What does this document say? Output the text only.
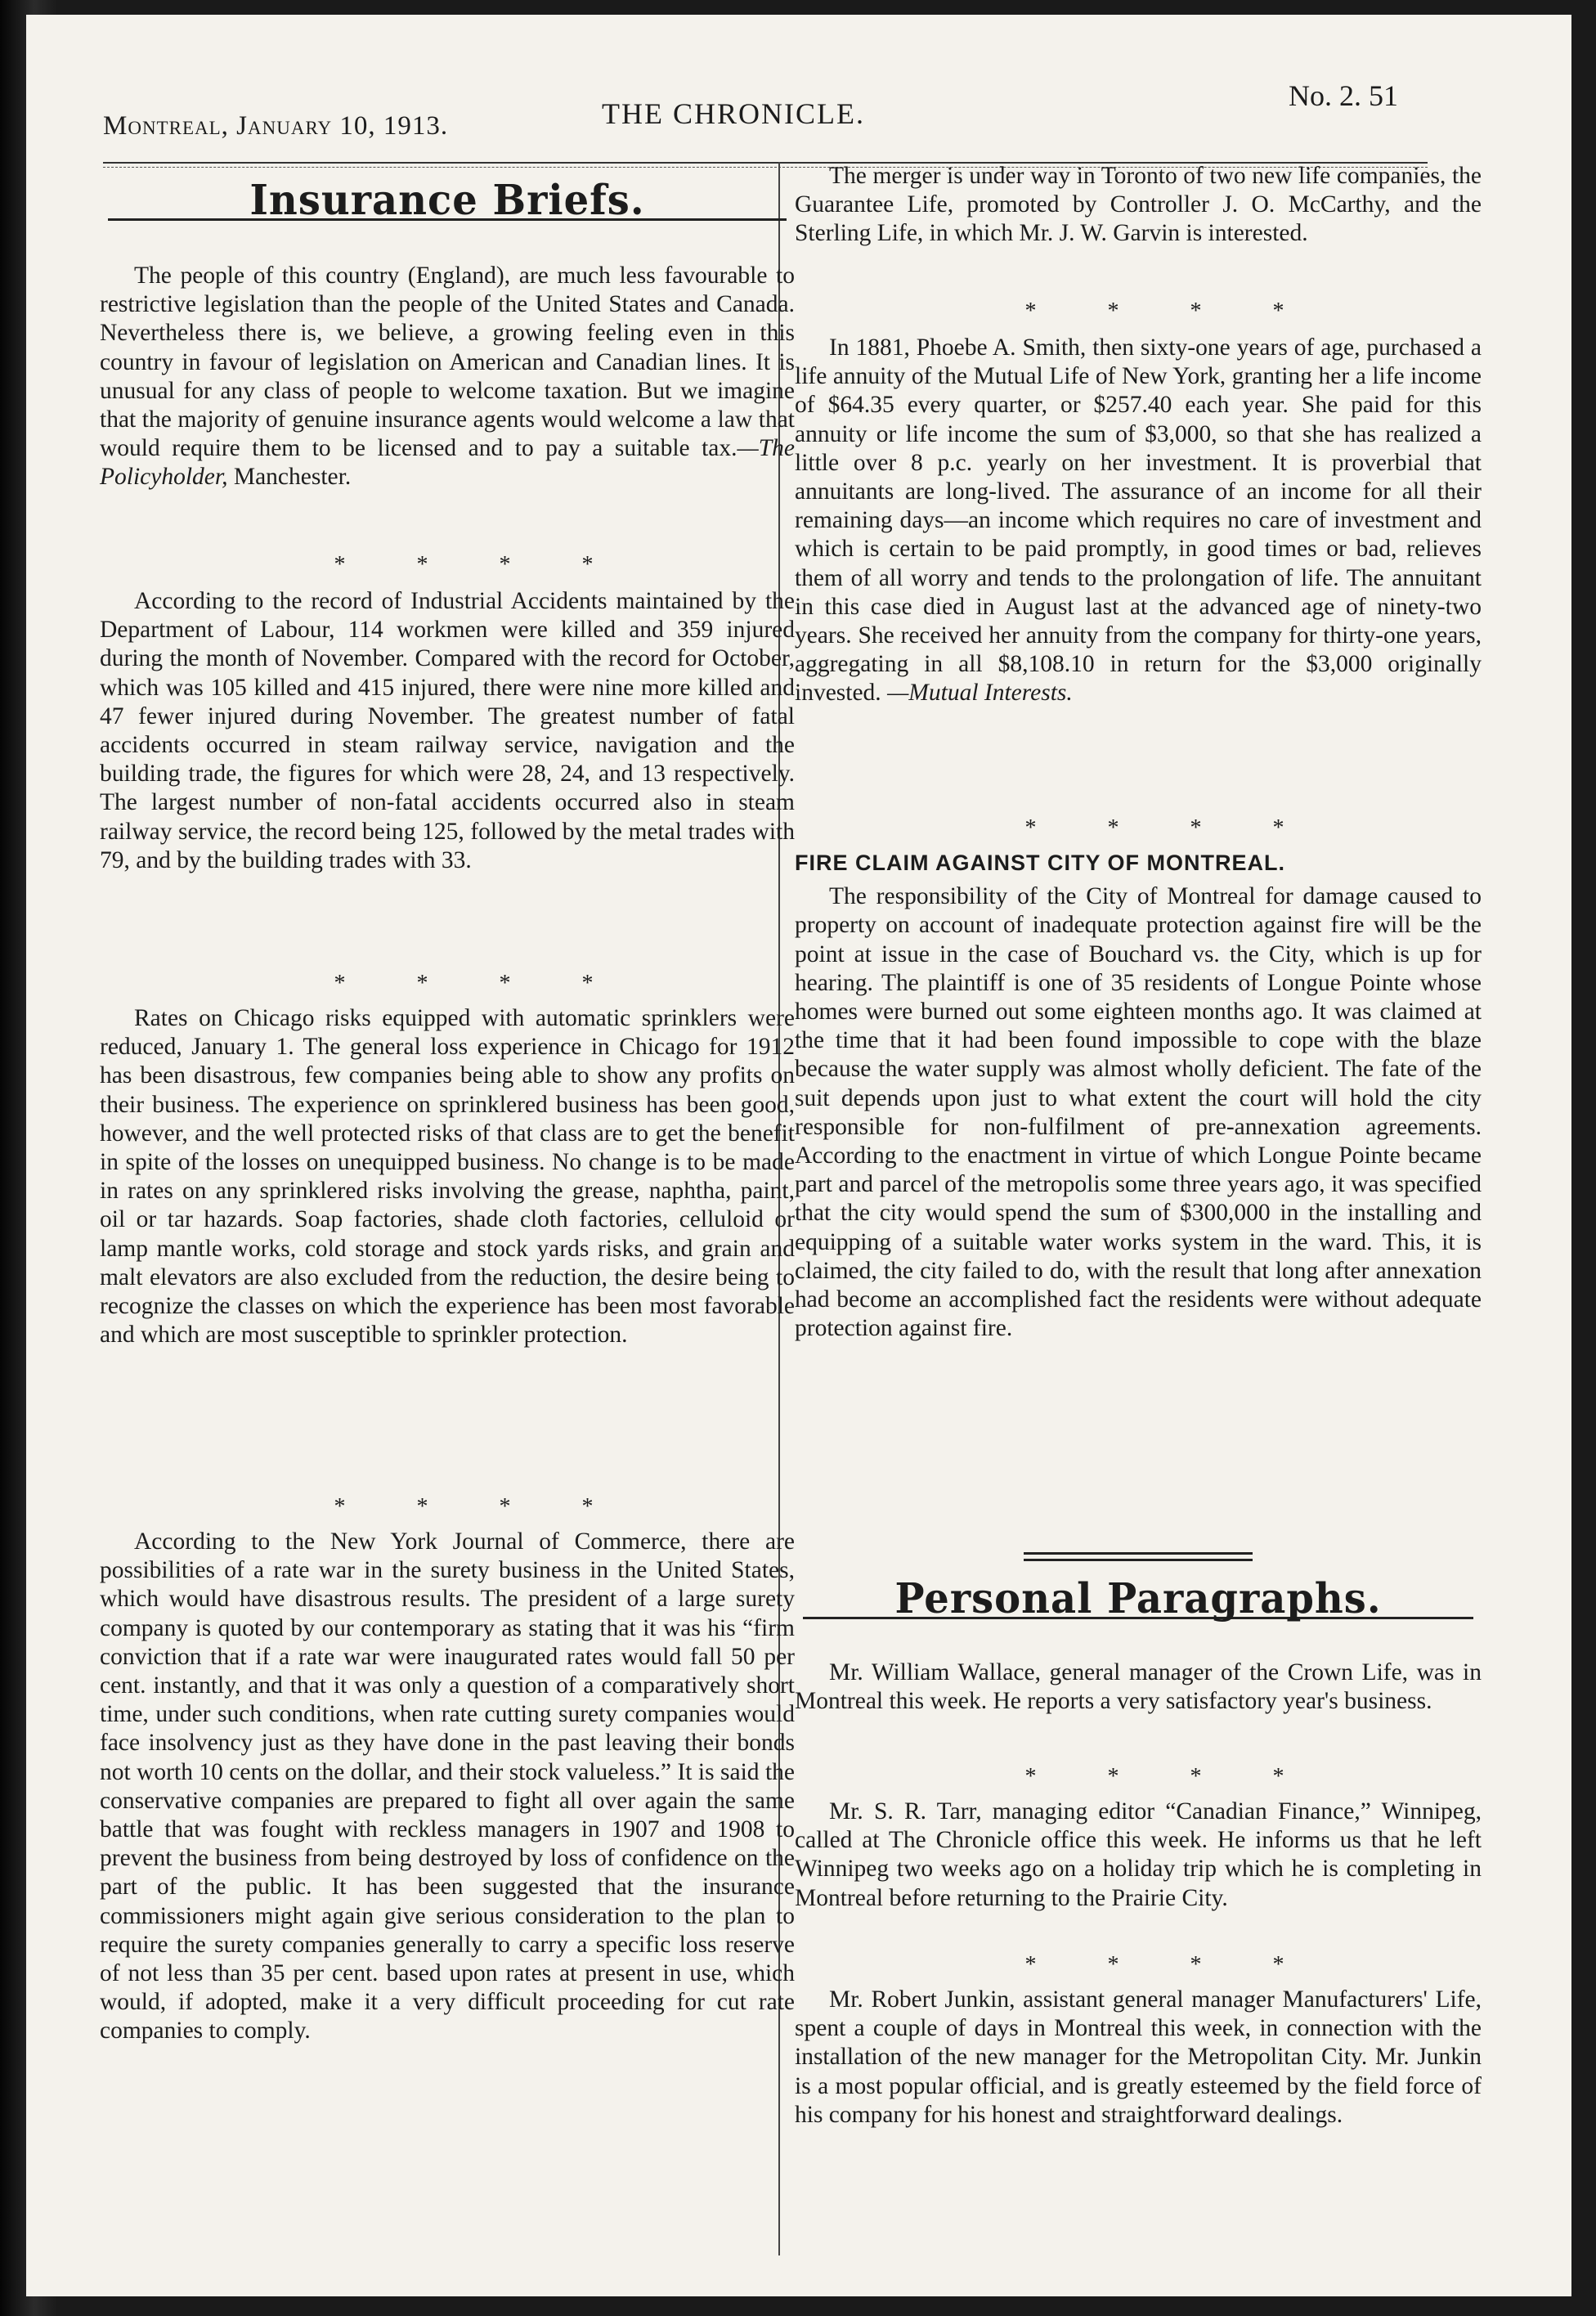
Montreal, January 10, 1913.	THE CHRONICLE.
No. 2. 51
Insurance Briefs.

The people of this country (England), are much less favourable to restrictive legislation than the people of the United States and Canada. Nevertheless there is, we believe, a growing feeling even in this country in favour of legislation on American and Canadian lines. It is unusual for any class of people to welcome taxation. But we imagine that the majority of genuine insurance agents would welcome a law that would require them to be licensed and to pay a suitable tax.—The Policyholder, Manchester.

* * * *

According to the record of Industrial Accidents maintained by the Department of Labour, 114 workmen were killed and 359 injured during the month of November. Compared with the record for October, which was 105 killed and 415 injured, there were nine more killed and 47 fewer injured during November. The greatest number of fatal accidents occurred in steam railway service, navigation and the building trade, the figures for which were 28, 24, and 13 respectively. The largest number of non-fatal accidents occurred also in steam railway service, the record being 125, followed by the metal trades with 79, and by the building trades with 33.

* * * *

Rates on Chicago risks equipped with automatic sprinklers were reduced, January 1. The general loss experience in Chicago for 1912 has been disastrous, few companies being able to show any profits on their business. The experience on sprinklered business has been good, however, and the well protected risks of that class are to get the benefit in spite of the losses on unequipped business. No change is to be made in rates on any sprinklered risks involving the grease, naphtha, paint, oil or tar hazards. Soap factories, shade cloth factories, celluloid or lamp mantle works, cold storage and stock yards risks, and grain and malt elevators are also excluded from the reduction, the desire being to recognize the classes on which the experience has been most favorable and which are most susceptible to sprinkler protection.

* * * *

According to the New York Journal of Commerce, there are possibilities of a rate war in the surety business in the United States, which would have disastrous results. The president of a large surety company is quoted by our contemporary as stating that it was his “firm conviction that if a rate war were inaugurated rates would fall 50 per cent. instantly, and that it was only a question of a comparatively short time, under such conditions, when rate cutting surety companies would face insolvency just as they have done in the past leaving their bonds not worth 10 cents on the dollar, and their stock valueless.” It is said the conservative companies are prepared to fight all over again the same battle that was fought with reckless managers in 1907 and 1908 to prevent the business from being destroyed by loss of confidence on the part of the public. It has been suggested that the insurance commissioners might again give serious consideration to the plan to require the surety companies generally to carry a specific loss reserve of not less than 35 per cent. based upon rates at present in use, which would, if adopted, make it a very difficult proceeding for cut rate companies to comply.

The merger is under way in Toronto of two new life companies, the Guarantee Life, promoted by Controller J. O. McCarthy, and the Sterling Life, in which Mr. J. W. Garvin is interested.

* * * *

In 1881, Phoebe A. Smith, then sixty-one years of age, purchased a life annuity of the Mutual Life of New York, granting her a life income of $64.35 every quarter, or $257.40 each year. She paid for this annuity or life income the sum of $3,000, so that she has realized a little over 8 p.c. yearly on her investment. It is proverbial that annuitants are long-lived. The assurance of an income for all their remaining days—an income which requires no care of investment and which is certain to be paid promptly, in good times or bad, relieves them of all worry and tends to the prolongation of life. The annuitant in this case died in August last at the advanced age of ninety-two years. She received her annuity from the company for thirty-one years, aggregating in all $8,108.10 in return for the $3,000 originally invested. —Mutual Interests.

* * * *
FIRE CLAIM AGAINST CITY OF MONTREAL.

The responsibility of the City of Montreal for damage caused to property on account of inadequate protection against fire will be the point at issue in the case of Bouchard vs. the City, which is up for hearing. The plaintiff is one of 35 residents of Longue Pointe whose homes were burned out some eighteen months ago. It was claimed at the time that it had been found impossible to cope with the blaze because the water supply was almost wholly deficient. The fate of the suit depends upon just to what extent the court will hold the city responsible for non-fulfilment of pre-annexation agreements. According to the enactment in virtue of which Longue Pointe became part and parcel of the metropolis some three years ago, it was specified that the city would spend the sum of $300,000 in the installing and equipping of a suitable water works system in the ward. This, it is claimed, the city failed to do, with the result that long after annexation had become an accomplished fact the residents were without adequate protection against fire.

Personal Paragraphs.

Mr. William Wallace, general manager of the Crown Life, was in Montreal this week. He reports a very satisfactory year's business.

* * * *

Mr. S. R. Tarr, managing editor “Canadian Finance,” Winnipeg, called at The Chronicle office this week. He informs us that he left Winnipeg two weeks ago on a holiday trip which he is completing in Montreal before returning to the Prairie City.

* * * *

Mr. Robert Junkin, assistant general manager Manufacturers' Life, spent a couple of days in Montreal this week, in connection with the installation of the new manager for the Metropolitan City. Mr. Junkin is a most popular official, and is greatly esteemed by the field force of his company for his honest and straightforward dealings.
